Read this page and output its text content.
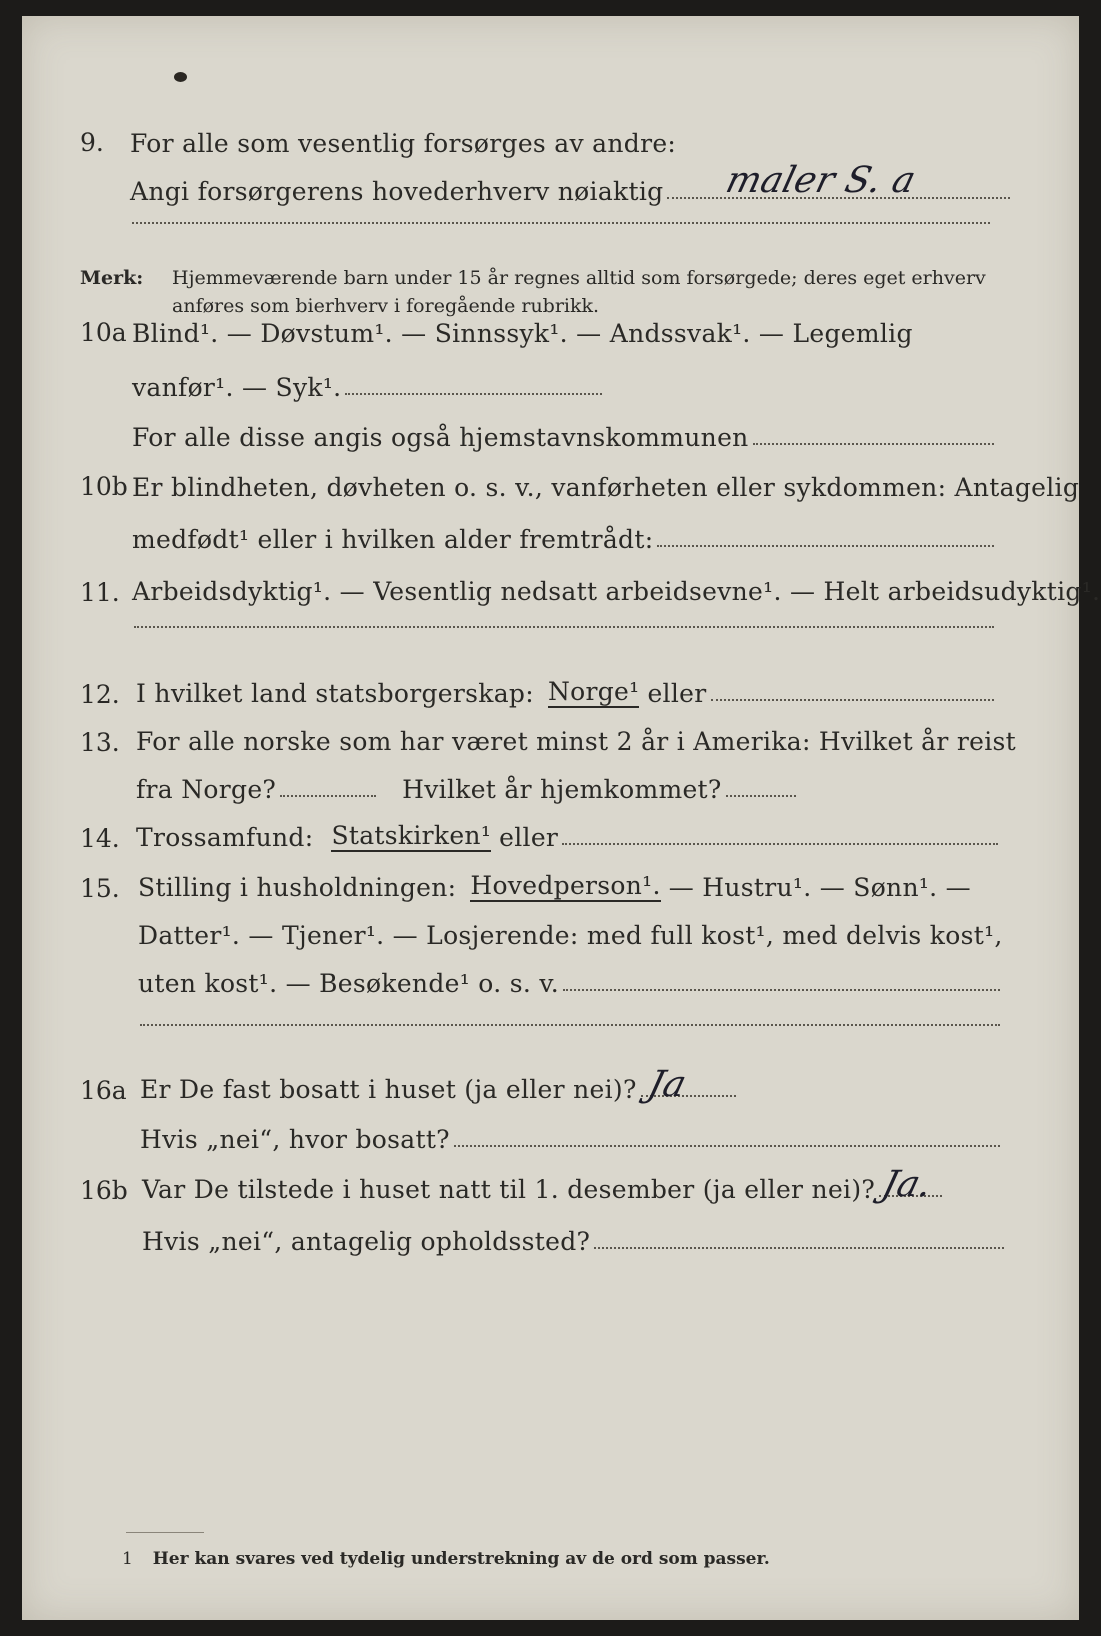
9.	For alle som vesentlig forsørges av andre:
Angi forsørgerens hovederhverv nøiaktig maler S. a
Merk: Hjemmeværende barn under 15 år regnes alltid som forsørgede; deres eget erhverv
anføres som bierhverv i foregående rubrikk.
10a Blind¹. — Døvstum¹. — Sinnssyk¹. — Andssvak¹. — Legemlig
vanfør¹. — Syk¹.
For alle disse angis også hjemstavnskommunen
10b Er blindheten, døvheten o. s. v., vanførheten eller sykdommen: Antagelig
medfødt¹ eller i hvilken alder fremtrådt:
11. Arbeidsdyktig¹. — Vesentlig nedsatt arbeidsevne¹. — Helt arbeidsudyktig¹.
12. I hvilket land statsborgerskap: Norge¹ eller
13. For alle norske som har været minst 2 år i Amerika: Hvilket år reist
fra Norge?	Hvilket år hjemkommet?
14. Trossamfund: Statskirken¹ eller
15. Stilling i husholdningen: Hovedperson¹. — Hustru¹. — Sønn¹. —
Datter¹. — Tjener¹. — Losjerende: med full kost¹, med delvis kost¹,
uten kost¹. — Besøkende¹ o. s. v.
16a Er De fast bosatt i huset (ja eller nei)? Ja
Hvis „nei“, hvor bosatt?
16b Var De tilstede i huset natt til 1. desember (ja eller nei)? Ja.
Hvis „nei“, antagelig opholdssted?
1 Her kan svares ved tydelig understrekning av de ord som passer.
